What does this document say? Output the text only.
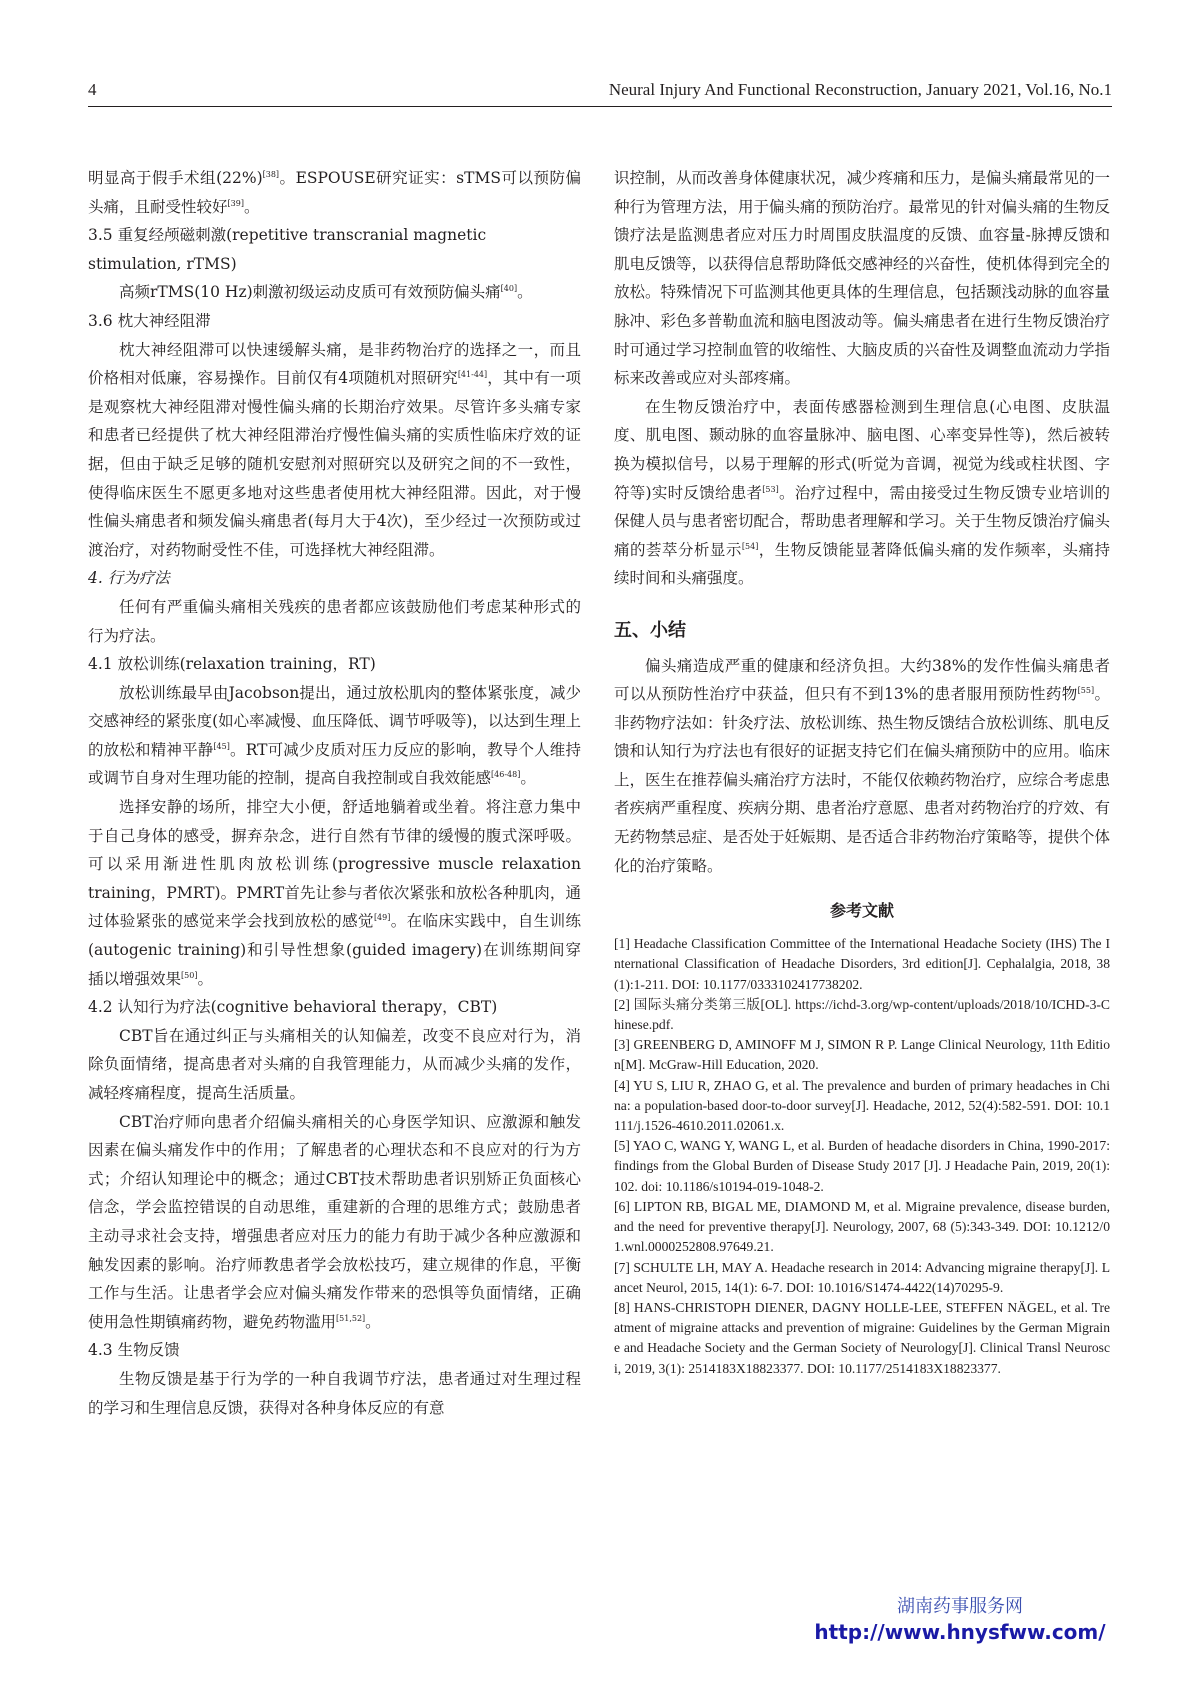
4	Neural Injury And Functional Reconstruction, January 2021, Vol.16, No.1

明显高于假手术组(22%)[38]。ESPOUSE研究证实：sTMS可以预防偏头痛，且耐受性较好[39]。

3.5 重复经颅磁刺激(repetitive transcranial magnetic stimulation, rTMS)

高频rTMS(10 Hz)刺激初级运动皮质可有效预防偏头痛[40]。

3.6 枕大神经阻滞

枕大神经阻滞可以快速缓解头痛，是非药物治疗的选择之一，而且价格相对低廉，容易操作。目前仅有4项随机对照研究[41-44]，其中有一项是观察枕大神经阻滞对慢性偏头痛的长期治疗效果。尽管许多头痛专家和患者已经提供了枕大神经阻滞治疗慢性偏头痛的实质性临床疗效的证据，但由于缺乏足够的随机安慰剂对照研究以及研究之间的不一致性，使得临床医生不愿更多地对这些患者使用枕大神经阻滞。因此，对于慢性偏头痛患者和频发偏头痛患者(每月大于4次)，至少经过一次预防或过渡治疗，对药物耐受性不佳，可选择枕大神经阻滞。

4. 行为疗法

任何有严重偏头痛相关残疾的患者都应该鼓励他们考虑某种形式的行为疗法。

4.1 放松训练(relaxation training，RT)

放松训练最早由Jacobson提出，通过放松肌肉的整体紧张度，减少交感神经的紧张度(如心率减慢、血压降低、调节呼吸等)，以达到生理上的放松和精神平静[45]。RT可减少皮质对压力反应的影响，教导个人维持或调节自身对生理功能的控制，提高自我控制或自我效能感[46-48]。

选择安静的场所，排空大小便，舒适地躺着或坐着。将注意力集中于自己身体的感受，摒弃杂念，进行自然有节律的缓慢的腹式深呼吸。可以采用渐进性肌肉放松训练(progressive muscle relaxation training，PMRT)。PMRT首先让参与者依次紧张和放松各种肌肉，通过体验紧张的感觉来学会找到放松的感觉[49]。在临床实践中，自生训练(autogenic training)和引导性想象(guided imagery)在训练期间穿插以增强效果[50]。

4.2 认知行为疗法(cognitive behavioral therapy，CBT)

CBT旨在通过纠正与头痛相关的认知偏差，改变不良应对行为，消除负面情绪，提高患者对头痛的自我管理能力，从而减少头痛的发作，减轻疼痛程度，提高生活质量。

CBT治疗师向患者介绍偏头痛相关的心身医学知识、应激源和触发因素在偏头痛发作中的作用；了解患者的心理状态和不良应对的行为方式；介绍认知理论中的概念；通过CBT技术帮助患者识别矫正负面核心信念，学会监控错误的自动思维，重建新的合理的思维方式；鼓励患者主动寻求社会支持，增强患者应对压力的能力有助于减少各种应激源和触发因素的影响。治疗师教患者学会放松技巧，建立规律的作息，平衡工作与生活。让患者学会应对偏头痛发作带来的恐惧等负面情绪，正确使用急性期镇痛药物，避免药物滥用[51,52]。

4.3 生物反馈

生物反馈是基于行为学的一种自我调节疗法，患者通过对生理过程的学习和生理信息反馈，获得对各种身体反应的有意

识控制，从而改善身体健康状况，减少疼痛和压力，是偏头痛最常见的一种行为管理方法，用于偏头痛的预防治疗。最常见的针对偏头痛的生物反馈疗法是监测患者应对压力时周围皮肤温度的反馈、血容量-脉搏反馈和肌电反馈等，以获得信息帮助降低交感神经的兴奋性，使机体得到完全的放松。特殊情况下可监测其他更具体的生理信息，包括颞浅动脉的血容量脉冲、彩色多普勒血流和脑电图波动等。偏头痛患者在进行生物反馈治疗时可通过学习控制血管的收缩性、大脑皮质的兴奋性及调整血流动力学指标来改善或应对头部疼痛。

在生物反馈治疗中，表面传感器检测到生理信息(心电图、皮肤温度、肌电图、颞动脉的血容量脉冲、脑电图、心率变异性等)，然后被转换为模拟信号，以易于理解的形式(听觉为音调，视觉为线或柱状图、字符等)实时反馈给患者[53]。治疗过程中，需由接受过生物反馈专业培训的保健人员与患者密切配合，帮助患者理解和学习。关于生物反馈治疗偏头痛的荟萃分析显示[54]，生物反馈能显著降低偏头痛的发作频率，头痛持续时间和头痛强度。

五、小结

偏头痛造成严重的健康和经济负担。大约38%的发作性偏头痛患者可以从预防性治疗中获益，但只有不到13%的患者服用预防性药物[55]。非药物疗法如：针灸疗法、放松训练、热生物反馈结合放松训练、肌电反馈和认知行为疗法也有很好的证据支持它们在偏头痛预防中的应用。临床上，医生在推荐偏头痛治疗方法时，不能仅依赖药物治疗，应综合考虑患者疾病严重程度、疾病分期、患者治疗意愿、患者对药物治疗的疗效、有无药物禁忌症、是否处于妊娠期、是否适合非药物治疗策略等，提供个体化的治疗策略。

参考文献

[1] Headache Classification Committee of the International Headache Society (IHS) The International Classification of Headache Disorders, 3rd edition[J]. Cephalalgia, 2018, 38(1):1-211. DOI: 10.1177/0333102417738202.

[2] 国际头痛分类第三版[OL]. https://ichd-3.org/wp-content/uploads/2018/10/ICHD-3-Chinese.pdf.

[3] GREENBERG D, AMINOFF M J, SIMON R P. Lange Clinical Neurology, 11th Edition[M]. McGraw-Hill Education, 2020.

[4] YU S, LIU R, ZHAO G, et al. The prevalence and burden of primary headaches in China: a population-based door-to-door survey[J]. Headache, 2012, 52(4):582-591. DOI: 10.1111/j.1526-4610.2011.02061.x.

[5] YAO C, WANG Y, WANG L, et al. Burden of headache disorders in China, 1990-2017: findings from the Global Burden of Disease Study 2017 [J]. J Headache Pain, 2019, 20(1): 102. doi: 10.1186/s10194-019-1048-2.

[6] LIPTON RB, BIGAL ME, DIAMOND M, et al. Migraine prevalence, disease burden, and the need for preventive therapy[J]. Neurology, 2007, 68 (5):343-349. DOI: 10.1212/01.wnl.0000252808.97649.21.

[7] SCHULTE LH, MAY A. Headache research in 2014: Advancing migraine therapy[J]. Lancet Neurol, 2015, 14(1): 6-7. DOI: 10.1016/S1474-4422(14)70295-9.

[8] HANS-CHRISTOPH DIENER, DAGNY HOLLE-LEE, STEFFEN NÄGEL, et al. Treatment of migraine attacks and prevention of migraine: Guidelines by the German Migraine and Headache Society and the German Society of Neurology[J]. Clinical Transl Neurosci, 2019, 3(1): 2514183X18823377. DOI: 10.1177/2514183X18823377.

湖南药事服务网
http://www.hnysfww.com/
